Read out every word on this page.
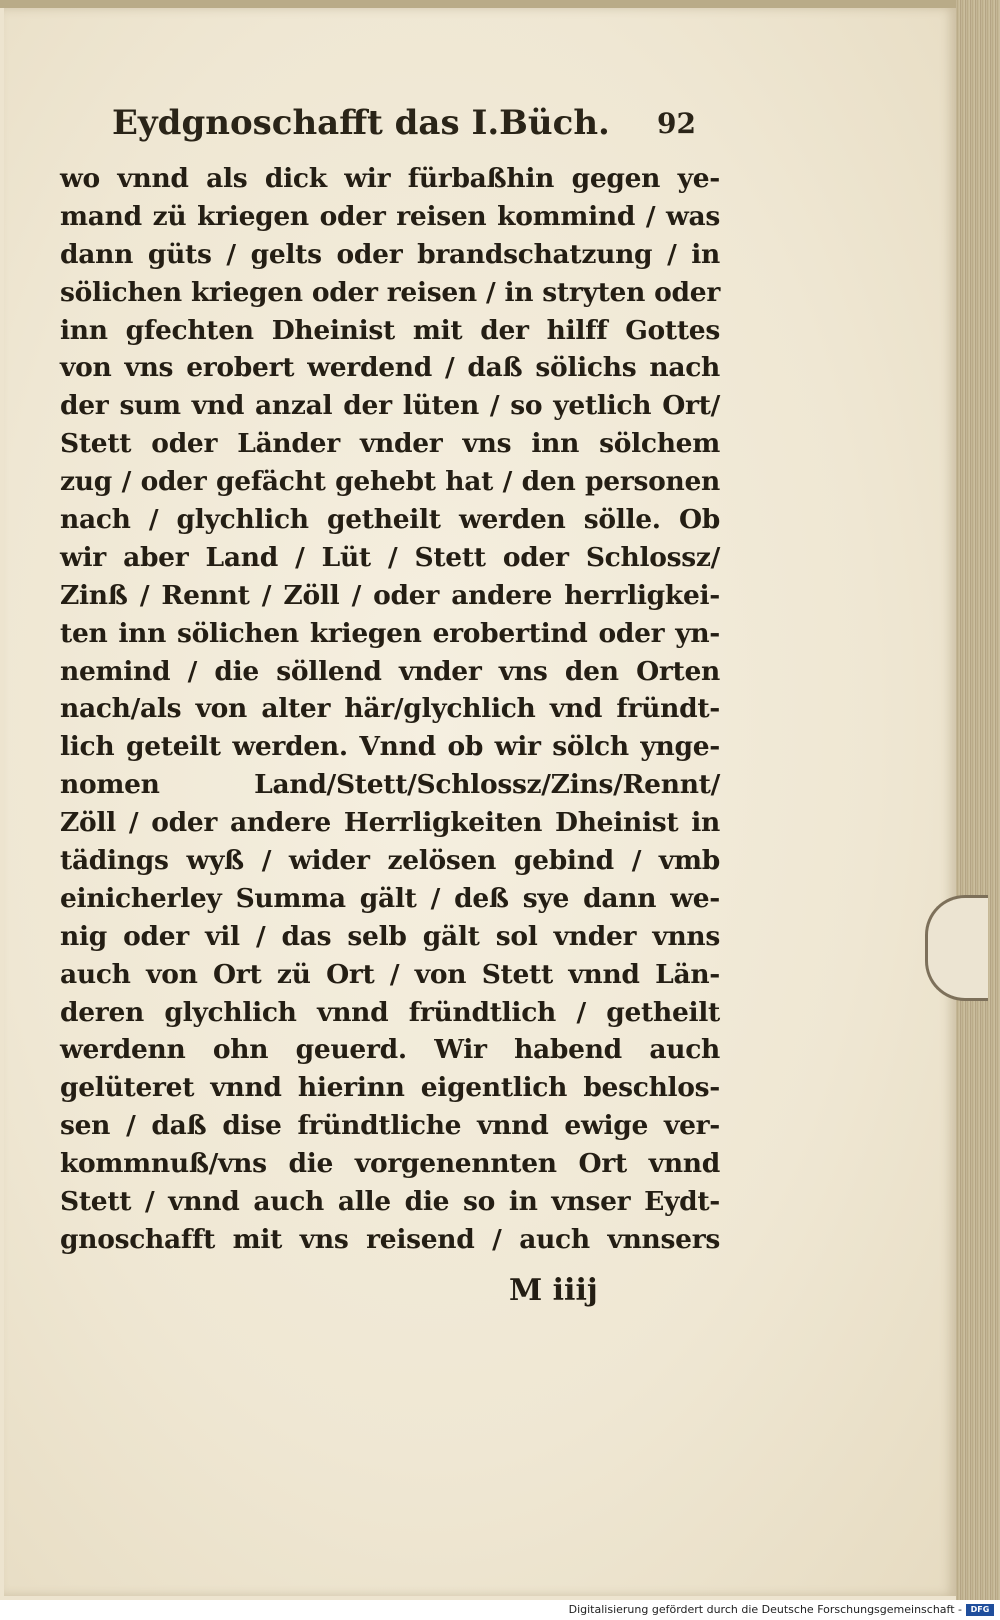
Eydgnoschafft das I.Büch. 92
wo vnnd als dick wir fürbaßhin gegen ye-
mand zü kriegen oder reisen kommind / was
dann güts / gelts oder brandschatzung / in
sölichen kriegen oder reisen / in stryten oder
inn gfechten Dheinist mit der hilff Gottes
von vns erobert werdend / daß sölichs nach
der sum vnd anzal der lüten / so yetlich Ort/
Stett oder Länder vnder vns inn sölchem
zug / oder gefächt gehebt hat / den personen
nach / glychlich getheilt werden sölle. Ob
wir aber Land / Lüt / Stett oder Schlossz/
Zinß / Rennt / Zöll / oder andere herrligkei-
ten inn sölichen kriegen erobertind oder yn-
nemind / die söllend vnder vns den Orten
nach/als von alter här/glychlich vnd fründt-
lich geteilt werden. Vnnd ob wir sölch ynge-
nomen Land/Stett/Schlossz/Zins/Rennt/
Zöll / oder andere Herrligkeiten Dheinist in
tädings wyß / wider zelösen gebind / vmb
einicherley Summa gält / deß sye dann we-
nig oder vil / das selb gält sol vnder vnns
auch von Ort zü Ort / von Stett vnnd Län-
deren glychlich vnnd fründtlich / getheilt
werdenn ohn geuerd. Wir habend auch
gelüteret vnnd hierinn eigentlich beschlos-
sen / daß dise fründtliche vnnd ewige ver-
kommnuß/vns die vorgenennten Ort vnnd
Stett / vnnd auch alle die so in vnser Eydt-
gnoschafft mit vns reisend / auch vnnsers
M iiij
Digitalisierung gefördert durch die Deutsche Forschungsgemeinschaft -	DFG
